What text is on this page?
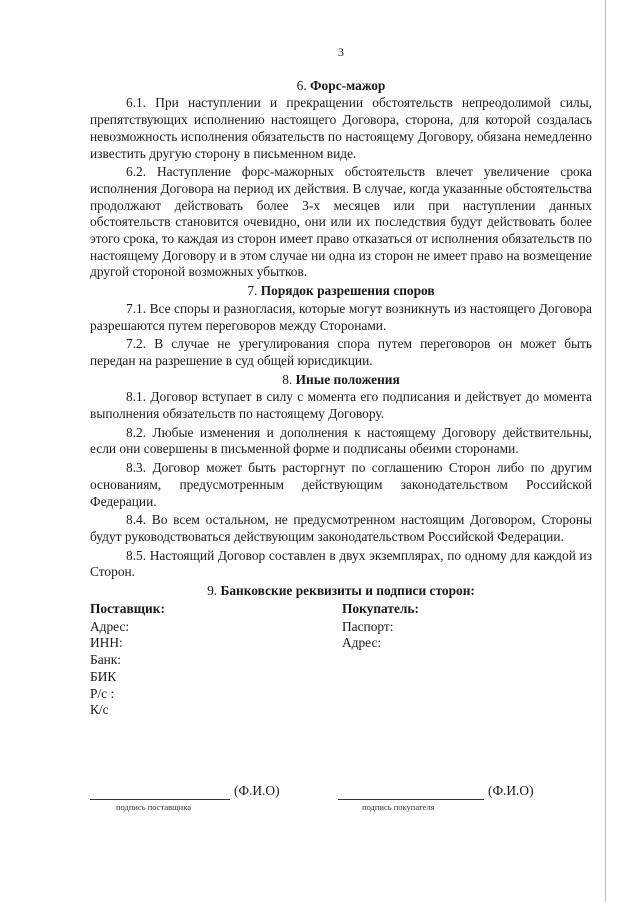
3
6. Форс-мажор

6.1. При наступлении и прекращении обстоятельств непреодолимой силы, препятствующих исполнению настоящего Договора, сторона, для которой создалась невозможность исполнения обязательств по настоящему Договору, обязана немедленно известить другую сторону в письменном виде.

6.2. Наступление форс-мажорных обстоятельств влечет увеличение срока исполнения Договора на период их действия. В случае, когда указанные обстоятельства продолжают действовать более 3-х месяцев или при наступлении данных обстоятельств становится очевидно, они или их последствия будут действовать более этого срока, то каждая из сторон имеет право отказаться от исполнения обязательств по настоящему Договору и в этом случае ни одна из сторон не имеет право на возмещение другой стороной возможных убытков.

7. Порядок разрешения споров

7.1. Все споры и разногласия, которые могут возникнуть из настоящего Договора разрешаются путем переговоров между Сторонами.

7.2. В случае не урегулирования спора путем переговоров он может быть передан на разрешение в суд общей юрисдикции.

8. Иные положения

8.1. Договор вступает в силу с момента его подписания и действует до момента выполнения обязательств по настоящему Договору.

8.2. Любые изменения и дополнения к настоящему Договору действительны, если они совершены в письменной форме и подписаны обеими сторонами.

8.3. Договор может быть расторгнут по соглашению Сторон либо по другим основаниям, предусмотренным действующим законодательством Российской Федерации.

8.4. Во всем остальном, не предусмотренном настоящим Договором, Стороны будут руководствоваться действующим законодательством Российской Федерации.

8.5. Настоящий Договор составлен в двух экземплярах, по одному для каждой из Сторон.

9. Банковские реквизиты и подписи сторон:
Поставщик:
Адрес:
ИНН:
Банк:
БИК
Р/с :
К/с
Покупатель:
Паспорт:
Адрес:
(Ф.И.О)
подпись поставщика
(Ф.И.О)
подпись покупателя
